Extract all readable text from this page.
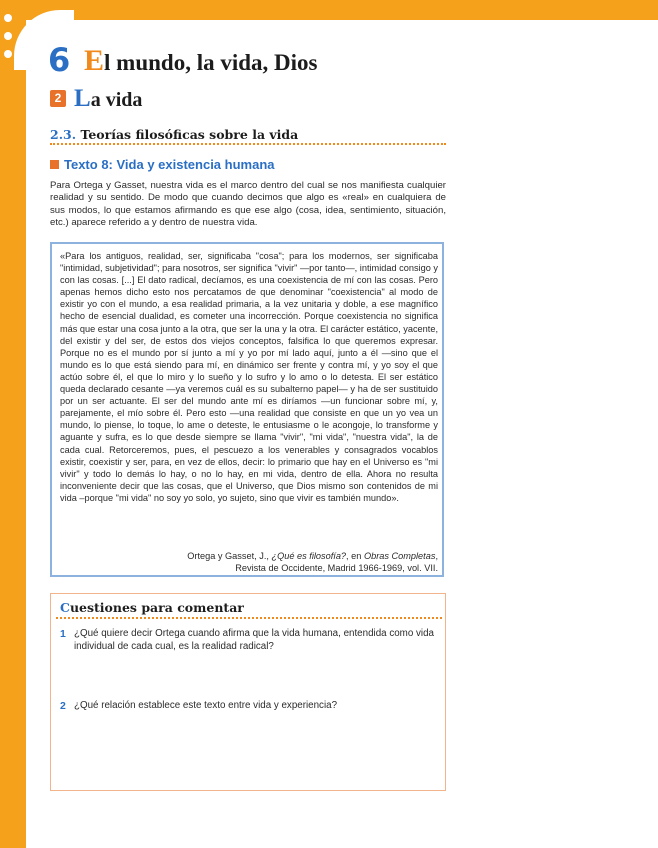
6 El mundo, la vida, Dios
2 La vida
2.3. Teorías filosóficas sobre la vida
Texto 8: Vida y existencia humana
Para Ortega y Gasset, nuestra vida es el marco dentro del cual se nos manifiesta cualquier realidad y su sentido. De modo que cuando decimos que algo es «real» en cualquiera de sus modos, lo que estamos afirmando es que ese algo (cosa, idea, sentimiento, situación, etc.) aparece referido a y dentro de nuestra vida.
«Para los antiguos, realidad, ser, significaba "cosa"; para los modernos, ser significaba "intimidad, subjetividad"; para nosotros, ser significa "vivir" —por tanto—, intimidad consigo y con las cosas. [...] El dato radical, decíamos, es una coexistencia de mí con las cosas. Pero apenas hemos dicho esto nos percatamos de que denominar "coexistencia" al modo de existir yo con el mundo, a esa realidad primaria, a la vez unitaria y doble, a ese magnífico hecho de esencial dualidad, es cometer una incorrección. Porque coexistencia no significa más que estar una cosa junto a la otra, que ser la una y la otra. El carácter estático, yacente, del existir y del ser, de estos dos viejos conceptos, falsifica lo que queremos expresar. Porque no es el mundo por sí junto a mí y yo por mí lado aquí, junto a él —sino que el mundo es lo que está siendo para mí, en dinámico ser frente y contra mí, y yo soy el que actúo sobre él, el que lo miro y lo sueño y lo sufro y lo amo o lo detesta. El ser estático queda declarado cesante —ya veremos cuál es su subalterno papel— y ha de ser sustituido por un ser actuante. El ser del mundo ante mí es diríamos —un funcionar sobre mí, y, parejamente, el mío sobre él. Pero esto —una realidad que consiste en que un yo vea un mundo, lo piense, lo toque, lo ame o deteste, le entusiasme o le acongoje, lo transforme y aguante y sufra, es lo que desde siempre se llama "vivir", "mi vida", "nuestra vida", la de cada cual. Retorceremos, pues, el pescuezo a los venerables y consagrados vocablos existir, coexistir y ser, para, en vez de ellos, decir: lo primario que hay en el Universo es "mi vivir" y todo lo demás lo hay, o no lo hay, en mi vida, dentro de ella. Ahora no resulta inconveniente decir que las cosas, que el Universo, que Dios mismo son contenidos de mi vida –porque "mi vida" no soy yo solo, yo sujeto, sino que vivir es también mundo».
Ortega y Gasset, J., ¿Qué es filosofía?, en Obras Completas,
Revista de Occidente, Madrid 1966-1969, vol. VII.
Cuestiones para comentar
1 ¿Qué quiere decir Ortega cuando afirma que la vida humana, entendida como vida individual de cada cual, es la realidad radical?
2 ¿Qué relación establece este texto entre vida y experiencia?
